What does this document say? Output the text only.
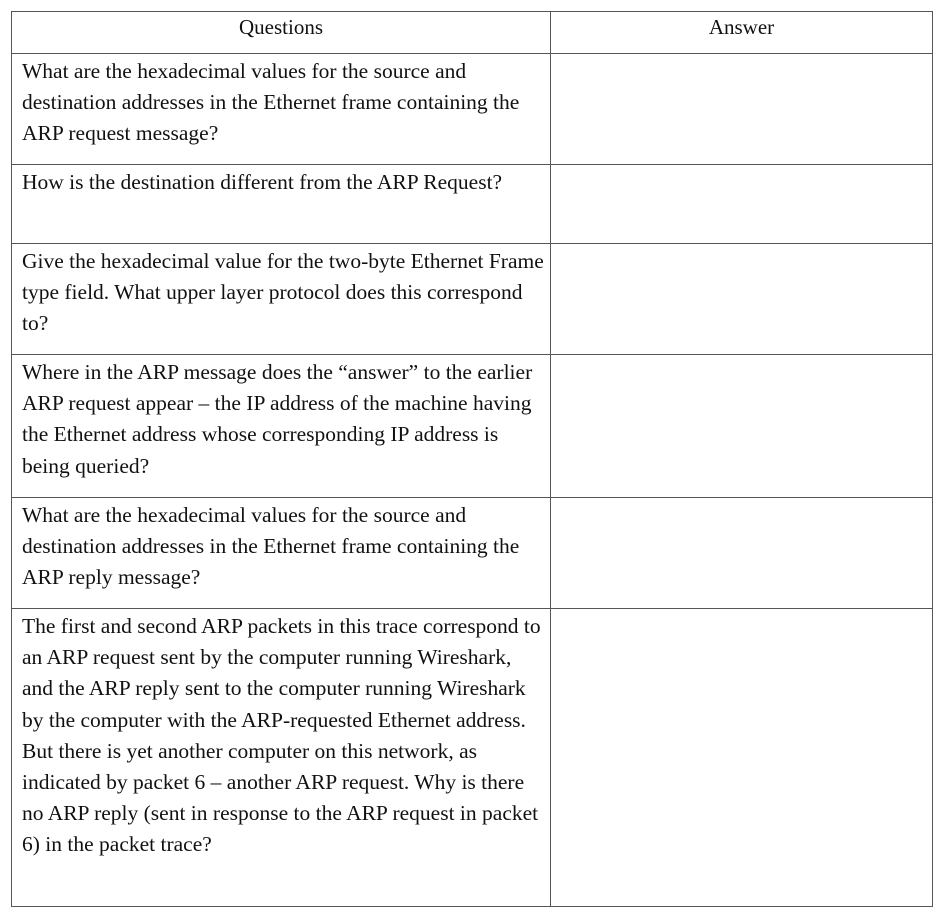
Questions	Answer
What are the hexadecimal values for the source and destination addresses in the Ethernet frame containing the ARP request message?	
How is the destination different from the ARP Request?	
Give the hexadecimal value for the two-byte Ethernet Frame type field. What upper layer protocol does this correspond to?	
Where in the ARP message does the “answer” to the earlier ARP request appear – the IP address of the machine having the Ethernet address whose corresponding IP address is being queried?	
What are the hexadecimal values for the source and destination addresses in the Ethernet frame containing the ARP reply message?	
The first and second ARP packets in this trace correspond to an ARP request sent by the computer running Wireshark, and the ARP reply sent to the computer running Wireshark by the computer with the ARP-requested Ethernet address. But there is yet another computer on this network, as indicated by packet 6 – another ARP request. Why is there no ARP reply (sent in response to the ARP request in packet 6) in the packet trace?	
